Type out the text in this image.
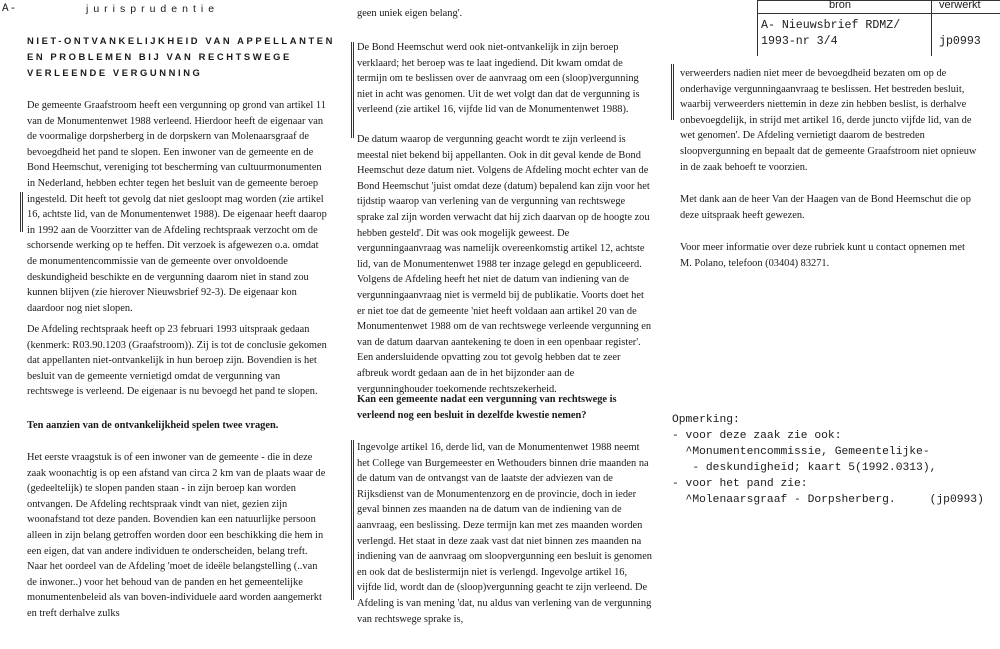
A-	jurisprudentie
NIET-ONTVANKELIJKHEID VAN APPELLANTEN
EN PROBLEMEN BIJ VAN RECHTSWEGE
VERLEENDE VERGUNNING

De gemeente Graafstroom heeft een vergunning op grond van artikel 11 van de Monumentenwet 1988 verleend. Hierdoor heeft de eigenaar van de voormalige dorpsherberg in de dorpskern van Molenaarsgraaf de bevoegdheid het pand te slopen. Een inwoner van de gemeente en de Bond Heemschut, vereniging tot bescherming van cultuurmonumenten in Nederland, hebben echter tegen het besluit van de gemeente beroep ingesteld. Dit heeft tot gevolg dat niet gesloopt mag worden (zie artikel 16, achtste lid, van de Monumentenwet 1988). De eigenaar heeft daarop in 1992 aan de Voorzitter van de Afdeling rechtspraak verzocht om de schorsende werking op te heffen. Dit verzoek is afgewezen o.a. omdat de monumentencommissie van de gemeente over onvoldoende deskundigheid beschikte en de vergunning daarom niet in stand zou kunnen blijven (zie hierover Nieuwsbrief 92-3). De eigenaar kon daardoor nog niet slopen.

De Afdeling rechtspraak heeft op 23 februari 1993 uitspraak gedaan (kenmerk: R03.90.1203 (Graafstroom)). Zij is tot de conclusie gekomen dat appellanten niet-ontvankelijk in hun beroep zijn. Bovendien is het besluit van de gemeente vernietigd omdat de vergunning van rechtswege is verleend. De eigenaar is nu bevoegd het pand te slopen.

Ten aanzien van de ontvankelijkheid spelen twee vragen.

Het eerste vraagstuk is of een inwoner van de gemeente - die in deze zaak woonachtig is op een afstand van circa 2 km van de plaats waar de (gedeeltelijk) te slopen panden staan - in zijn beroep kan worden ontvangen. De Afdeling rechtspraak vindt van niet, gezien zijn woonafstand tot deze panden. Bovendien kan een natuurlijke persoon alleen in zijn belang getroffen worden door een beschikking die hem in een eigen, dat van andere individuen te onderscheiden, belang treft. Naar het oordeel van de Afdeling 'moet de ideële belangstelling (..van de inwoner..) voor het behoud van de panden en het gemeentelijke monumentenbeleid als van boven-individuele aard worden aangemerkt en treft derhalve zulks

geen uniek eigen belang'.

De Bond Heemschut werd ook niet-ontvankelijk in zijn beroep verklaard; het beroep was te laat ingediend. Dit kwam omdat de termijn om te beslissen over de aanvraag om een (sloop)vergunning niet in acht was genomen. Uit de wet volgt dan dat de vergunning is verleend (zie artikel 16, vijfde lid van de Monumentenwet 1988).

De datum waarop de vergunning geacht wordt te zijn verleend is meestal niet bekend bij appellanten. Ook in dit geval kende de Bond Heemschut deze datum niet. Volgens de Afdeling mocht echter van de Bond Heemschut 'juist omdat deze (datum) bepalend kan zijn voor het tijdstip waarop van verlening van de vergunning van rechtswege sprake zal zijn worden verwacht dat hij zich daarvan op de hoogte zou hebben gesteld'. Dit was ook mogelijk geweest. De vergunningaanvraag was namelijk overeenkomstig artikel 12, achtste lid, van de Monumentenwet 1988 ter inzage gelegd en gepubliceerd. Volgens de Afdeling heeft het niet de datum van indiening van de vergunningaanvraag niet is vermeld bij de publikatie. Voorts doet het er niet toe dat de gemeente 'niet heeft voldaan aan artikel 20 van de Monumentenwet 1988 om de van rechtswege verleende vergunning en van de datum daarvan aantekening te doen in een openbaar register'. Een andersluidende opvatting zou tot gevolg hebben dat te zeer afbreuk wordt gedaan aan de in het bijzonder aan de vergunninghouder toekomende rechtszekerheid.

Kan een gemeente nadat een vergunning van rechtswege is verleend nog een besluit in dezelfde kwestie nemen?

Ingevolge artikel 16, derde lid, van de Monumentenwet 1988 neemt het College van Burgemeester en Wethouders binnen drie maanden na de datum van de ontvangst van de laatste der adviezen van de Rijksdienst van de Monumentenzorg en de provincie, doch in ieder geval binnen zes maanden na de datum van de indiening van de aanvraag, een beslissing. Deze termijn kan met zes maanden worden verlengd. Het staat in deze zaak vast dat niet binnen zes maanden na indiening van de aanvraag om sloopvergunning een besluit is genomen en ook dat de beslistermijn niet is verlengd. Ingevolge artikel 16, vijfde lid, wordt dan de (sloop)vergunning geacht te zijn verleend. De Afdeling is van mening 'dat, nu aldus van verlening van de vergunning van rechtswege sprake is,

verweerders nadien niet meer de bevoegdheid bezaten om op de onderhavige vergunningaanvraag te beslissen. Het bestreden besluit, waarbij verweerders niettemin in deze zin hebben beslist, is derhalve onbevoegdelijk, in strijd met artikel 16, derde juncto vijfde lid, van de wet genomen'. De Afdeling vernietigt daarom de bestreden sloopvergunning en bepaalt dat de gemeente Graafstroom niet opnieuw in de zaak behoeft te voorzien.

Met dank aan de heer Van der Haagen van de Bond Heemschut die op deze uitspraak heeft gewezen.

Voor meer informatie over deze rubriek kunt u contact opnemen met M. Polano, telefoon (03404) 83271.

bron	verwerkt
A- Nieuwsbrief RDMZ/
1993-nr 3/4	jp0993
Opmerking:
- voor deze zaak zie ook:
^Monumentencommissie, Gemeentelijke-
- deskundigheid; kaart 5(1992.0313),
- voor het pand zie:
^Molenaarsgraaf - Dorpsherberg.     (jp0993)
